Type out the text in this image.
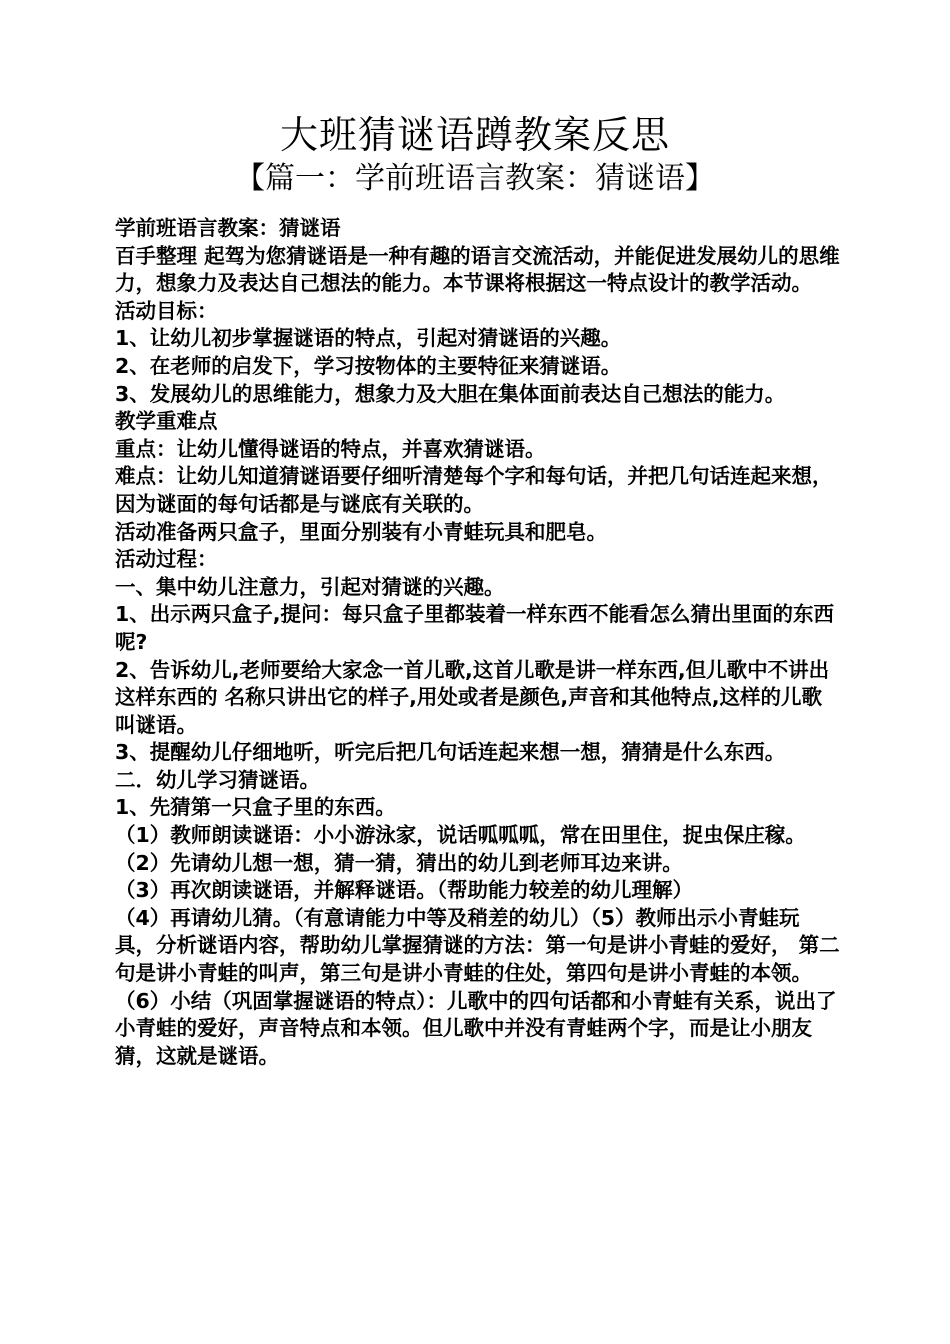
大班猜谜语蹲教案反思
【篇一：学前班语言教案：猜谜语】
学前班语言教案：猜谜语
百手整理 起驾为您猜谜语是一种有趣的语言交流活动，并能促进发展幼儿的思维力，想象力及表达自己想法的能力。本节课将根据这一特点设计的教学活动。
活动目标：
1、让幼儿初步掌握谜语的特点，引起对猜谜语的兴趣。
2、在老师的启发下，学习按物体的主要特征来猜谜语。
3、发展幼儿的思维能力，想象力及大胆在集体面前表达自己想法的能力。
教学重难点
重点：让幼儿懂得谜语的特点，并喜欢猜谜语。
难点：让幼儿知道猜谜语要仔细听清楚每个字和每句话，并把几句话连起来想，因为谜面的每句话都是与谜底有关联的。
活动准备两只盒子，里面分别装有小青蛙玩具和肥皂。
活动过程：
一、集中幼儿注意力，引起对猜谜的兴趣。
1、出示两只盒子,提问：每只盒子里都装着一样东西不能看怎么猜出里面的东西呢?
2、告诉幼儿,老师要给大家念一首儿歌,这首儿歌是讲一样东西,但儿歌中不讲出这样东西的 名称只讲出它的样子,用处或者是颜色,声音和其他特点,这样的儿歌叫谜语。
3、提醒幼儿仔细地听，听完后把几句话连起来想一想，猜猜是什么东西。
二．幼儿学习猜谜语。
1、先猜第一只盒子里的东西。
（1）教师朗读谜语：小小游泳家，说话呱呱呱，常在田里住，捉虫保庄稼。
（2）先请幼儿想一想，猜一猜，猜出的幼儿到老师耳边来讲。
（3）再次朗读谜语，并解释谜语。（帮助能力较差的幼儿理解）
（4）再请幼儿猜。（有意请能力中等及稍差的幼儿）（5）教师出示小青蛙玩具，分析谜语内容，帮助幼儿掌握猜谜的方法：第一句是讲小青蛙的爱好， 第二句是讲小青蛙的叫声，第三句是讲小青蛙的住处，第四句是讲小青蛙的本领。
（6）小结（巩固掌握谜语的特点）：儿歌中的四句话都和小青蛙有关系，说出了小青蛙的爱好，声音特点和本领。但儿歌中并没有青蛙两个字，而是让小朋友猜，这就是谜语。
